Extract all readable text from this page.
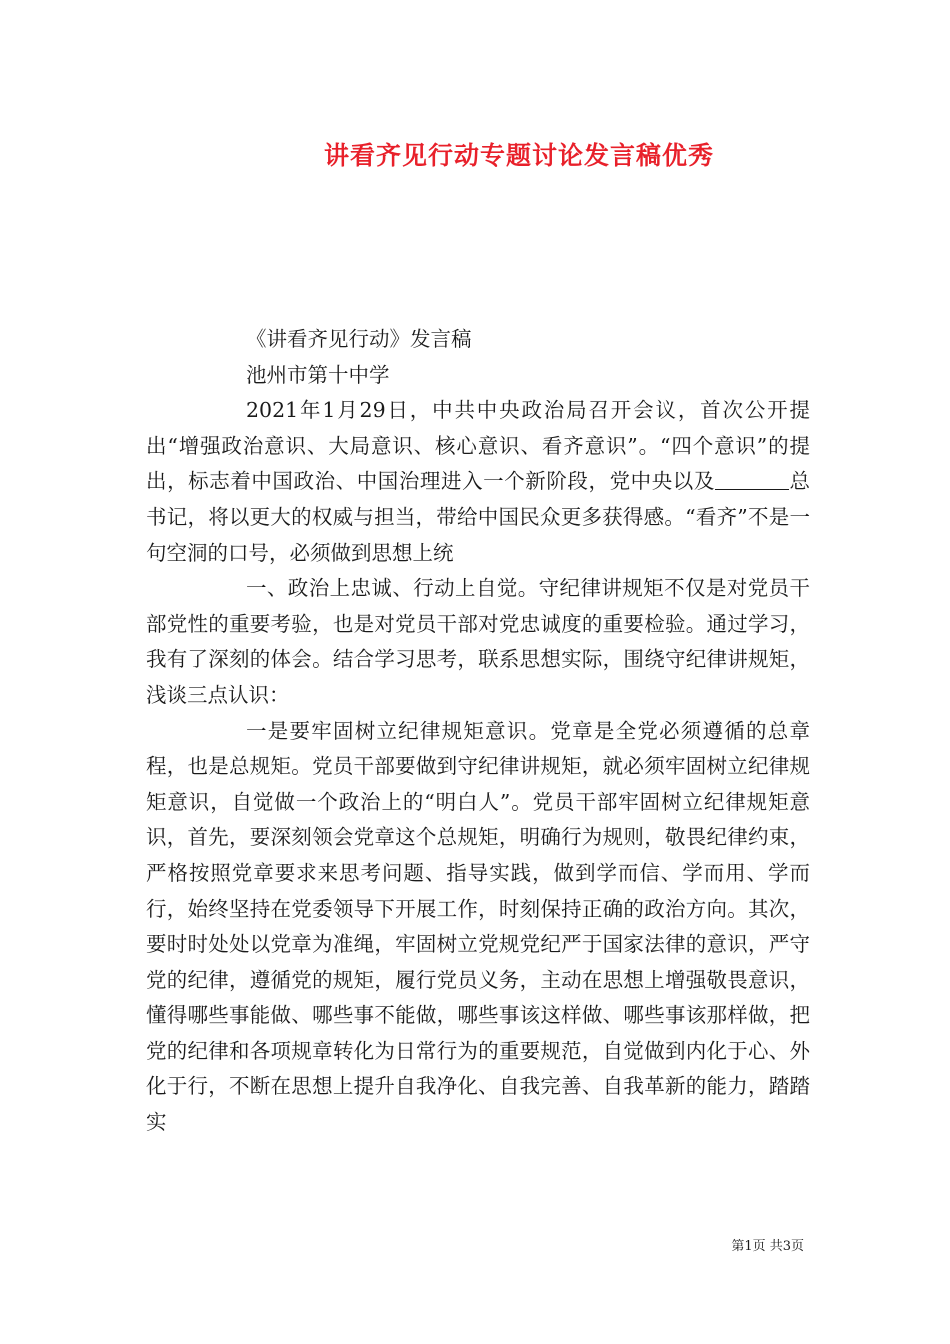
讲看齐见行动专题讨论发言稿优秀

《讲看齐见行动》发言稿

池州市第十中学

2021年1月29日，中共中央政治局召开会议，首次公开提出“增强政治意识、大局意识、核心意识、看齐意识”。“四个意识”的提出，标志着中国政治、中国治理进入一个新阶段，党中央以及	总书记，将以更大的权威与担当，带给中国民众更多获得感。“看齐”不是一句空洞的口号，必须做到思想上统

一、政治上忠诚、行动上自觉。守纪律讲规矩不仅是对党员干部党性的重要考验，也是对党员干部对党忠诚度的重要检验。通过学习，我有了深刻的体会。结合学习思考，联系思想实际，围绕守纪律讲规矩，浅谈三点认识：

一是要牢固树立纪律规矩意识。党章是全党必须遵循的总章程，也是总规矩。党员干部要做到守纪律讲规矩，就必须牢固树立纪律规矩意识，自觉做一个政治上的“明白人”。党员干部牢固树立纪律规矩意识，首先，要深刻领会党章这个总规矩，明确行为规则，敬畏纪律约束，严格按照党章要求来思考问题、指导实践，做到学而信、学而用、学而行，始终坚持在党委领导下开展工作，时刻保持正确的政治方向。其次，要时时处处以党章为准绳，牢固树立党规党纪严于国家法律的意识，严守党的纪律，遵循党的规矩，履行党员义务，主动在思想上增强敬畏意识，懂得哪些事能做、哪些事不能做，哪些事该这样做、哪些事该那样做，把党的纪律和各项规章转化为日常行为的重要规范，自觉做到内化于心、外化于行，不断在思想上提升自我净化、自我完善、自我革新的能力，踏踏实

第1页 共3页
